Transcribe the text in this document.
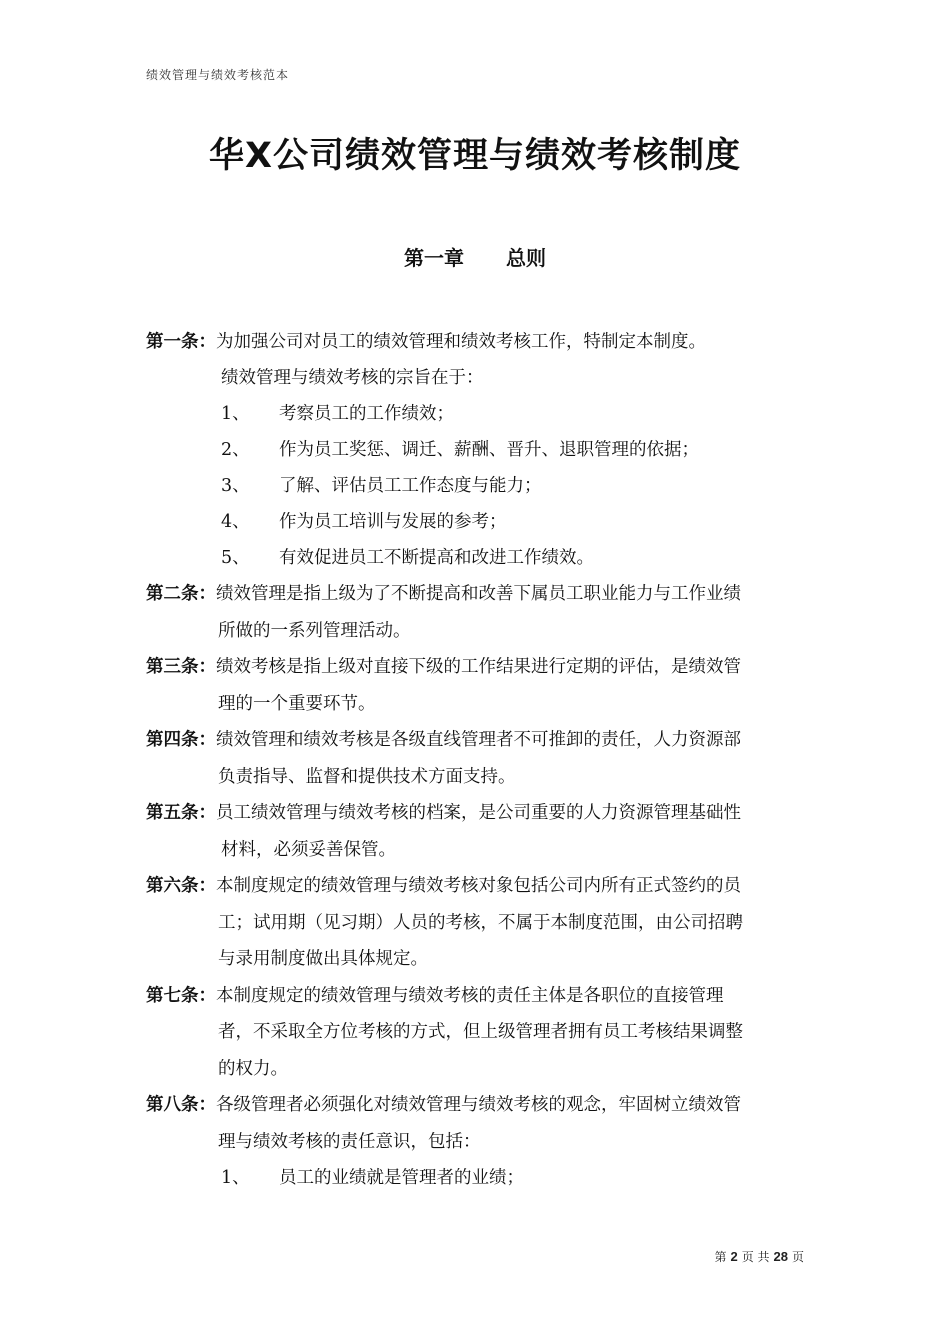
绩效管理与绩效考核范本
华X公司绩效管理与绩效考核制度
第一章 总则
第一条：为加强公司对员工的绩效管理和绩效考核工作，特制定本制度。
绩效管理与绩效考核的宗旨在于：
1、 考察员工的工作绩效；
2、 作为员工奖惩、调迁、薪酬、晋升、退职管理的依据；
3、 了解、评估员工工作态度与能力；
4、 作为员工培训与发展的参考；
5、 有效促进员工不断提高和改进工作绩效。
第二条：绩效管理是指上级为了不断提高和改善下属员工职业能力与工作业绩
所做的一系列管理活动。
第三条：绩效考核是指上级对直接下级的工作结果进行定期的评估，是绩效管
理的一个重要环节。
第四条：绩效管理和绩效考核是各级直线管理者不可推卸的责任，人力资源部
负责指导、监督和提供技术方面支持。
第五条：员工绩效管理与绩效考核的档案，是公司重要的人力资源管理基础性
材料，必须妥善保管。
第六条：本制度规定的绩效管理与绩效考核对象包括公司内所有正式签约的员
工；试用期（见习期）人员的考核，不属于本制度范围，由公司招聘
与录用制度做出具体规定。
第七条：本制度规定的绩效管理与绩效考核的责任主体是各职位的直接管理
者，不采取全方位考核的方式，但上级管理者拥有员工考核结果调整
的权力。
第八条：各级管理者必须强化对绩效管理与绩效考核的观念，牢固树立绩效管
理与绩效考核的责任意识，包括：
1、 员工的业绩就是管理者的业绩；
第 2 页 共 28 页
